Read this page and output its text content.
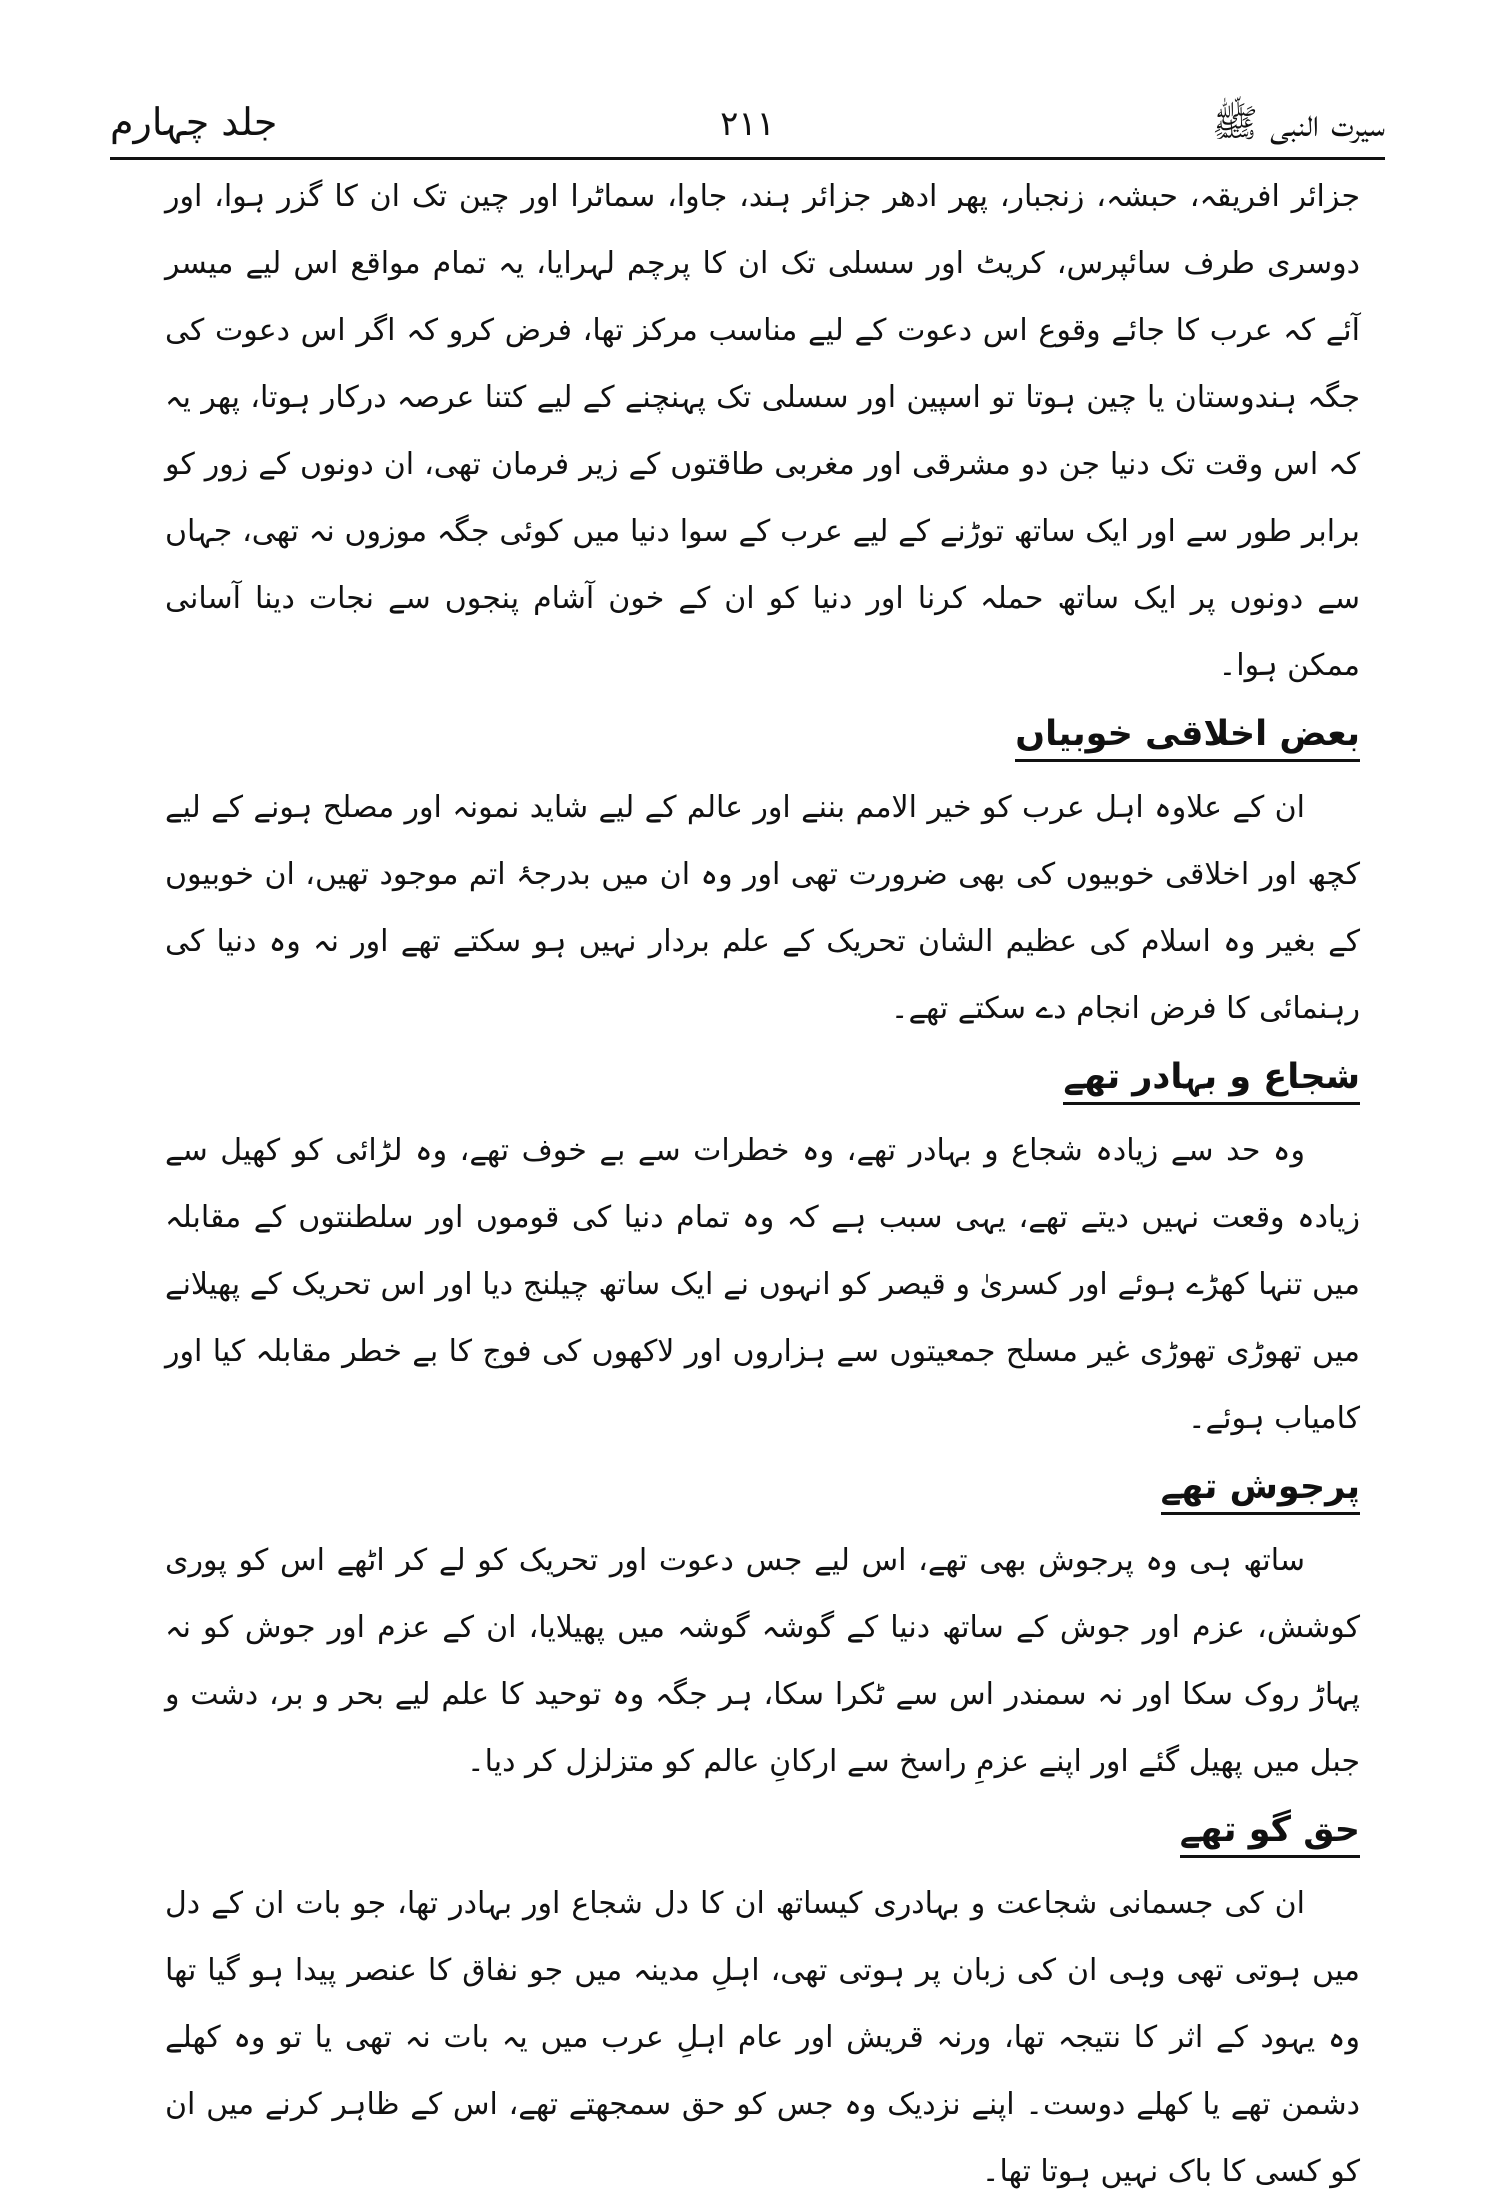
سیرت النبی ﷺ
۲۱۱
جلد چہارم

جزائر افریقہ، حبشہ، زنجبار، پھر ادھر جزائر ہند، جاوا، سماٹرا اور چین تک ان کا گزر ہوا، اور دوسری طرف سائپرس، کریٹ اور سسلی تک ان کا پرچم لہرایا، یہ تمام مواقع اس لیے میسر آئے کہ عرب کا جائے وقوع اس دعوت کے لیے مناسب مرکز تھا، فرض کرو کہ اگر اس دعوت کی جگہ ہندوستان یا چین ہوتا تو اسپین اور سسلی تک پہنچنے کے لیے کتنا عرصہ درکار ہوتا، پھر یہ کہ اس وقت تک دنیا جن دو مشرقی اور مغربی طاقتوں کے زیر فرمان تھی، ان دونوں کے زور کو برابر طور سے اور ایک ساتھ توڑنے کے لیے عرب کے سوا دنیا میں کوئی جگہ موزوں نہ تھی، جہاں سے دونوں پر ایک ساتھ حملہ کرنا اور دنیا کو ان کے خون آشام پنجوں سے نجات دینا آسانی ممکن ہوا۔

بعض اخلاقی خوبیاں

ان کے علاوہ اہل عرب کو خیر الامم بننے اور عالم کے لیے شاید نمونہ اور مصلح ہونے کے لیے کچھ اور اخلاقی خوبیوں کی بھی ضرورت تھی اور وہ ان میں بدرجۂ اتم موجود تھیں، ان خوبیوں کے بغیر وہ اسلام کی عظیم الشان تحریک کے علم بردار نہیں ہو سکتے تھے اور نہ وہ دنیا کی رہنمائی کا فرض انجام دے سکتے تھے۔

شجاع و بہادر تھے

وہ حد سے زیادہ شجاع و بہادر تھے، وہ خطرات سے بے خوف تھے، وہ لڑائی کو کھیل سے زیادہ وقعت نہیں دیتے تھے، یہی سبب ہے کہ وہ تمام دنیا کی قوموں اور سلطنتوں کے مقابلہ میں تنہا کھڑے ہوئے اور کسریٰ و قیصر کو انہوں نے ایک ساتھ چیلنج دیا اور اس تحریک کے پھیلانے میں تھوڑی تھوڑی غیر مسلح جمعیتوں سے ہزاروں اور لاکھوں کی فوج کا بے خطر مقابلہ کیا اور کامیاب ہوئے۔

پرجوش تھے

ساتھ ہی وہ پرجوش بھی تھے، اس لیے جس دعوت اور تحریک کو لے کر اٹھے اس کو پوری کوشش، عزم اور جوش کے ساتھ دنیا کے گوشہ گوشہ میں پھیلایا، ان کے عزم اور جوش کو نہ پہاڑ روک سکا اور نہ سمندر اس سے ٹکرا سکا، ہر جگہ وہ توحید کا علم لیے بحر و بر، دشت و جبل میں پھیل گئے اور اپنے عزمِ راسخ سے ارکانِ عالم کو متزلزل کر دیا۔

حق گو تھے

ان کی جسمانی شجاعت و بہادری کیساتھ ان کا دل شجاع اور بہادر تھا، جو بات ان کے دل میں ہوتی تھی وہی ان کی زبان پر ہوتی تھی، اہلِ مدینہ میں جو نفاق کا عنصر پیدا ہو گیا تھا وہ یہود کے اثر کا نتیجہ تھا، ورنہ قریش اور عام اہلِ عرب میں یہ بات نہ تھی یا تو وہ کھلے دشمن تھے یا کھلے دوست۔ اپنے نزدیک وہ جس کو حق سمجھتے تھے، اس کے ظاہر کرنے میں ان کو کسی کا باک نہیں ہوتا تھا۔
